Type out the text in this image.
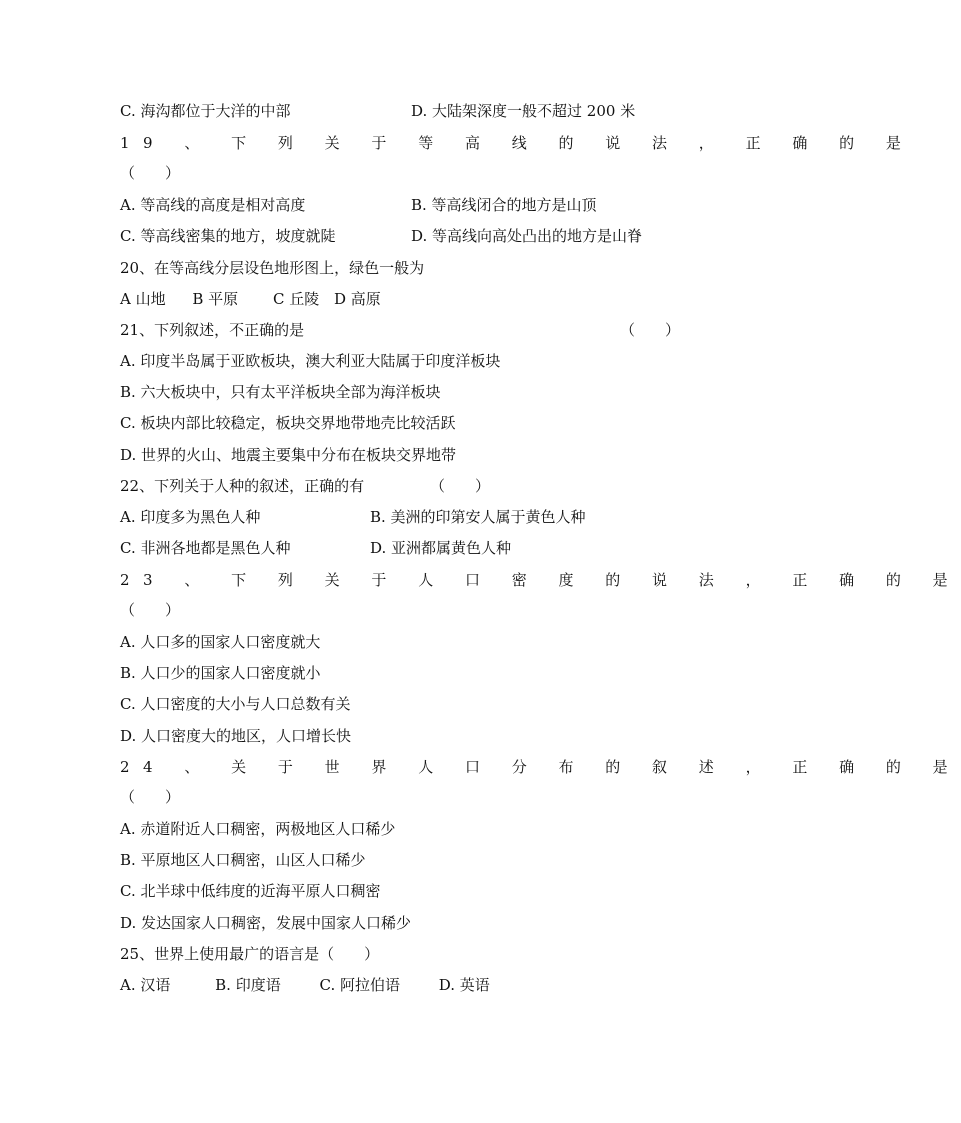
C. 海沟都位于大洋的中部	D. 大陆架深度一般不超过 200 米
19 、 下 列 关 于 等 高 线 的 说 法 ， 正 确 的 是
（　　）
A. 等高线的高度是相对高度	B. 等高线闭合的地方是山顶
C. 等高线密集的地方，坡度就陡	D. 等高线向高处凸出的地方是山脊
20、在等高线分层设色地形图上，绿色一般为
A 山地 B 平原 C 丘陵 D 高原
21、下列叙述，不正确的是	（　　）
A. 印度半岛属于亚欧板块，澳大利亚大陆属于印度洋板块
B. 六大板块中，只有太平洋板块全部为海洋板块
C. 板块内部比较稳定，板块交界地带地壳比较活跃
D. 世界的火山、地震主要集中分布在板块交界地带
22、下列关于人种的叙述，正确的有	（　　）
A. 印度多为黑色人种	B. 美洲的印第安人属于黄色人种
C. 非洲各地都是黑色人种	D. 亚洲都属黄色人种
23 、 下 列 关 于 人 口 密 度 的 说 法 ， 正 确 的 是
（　　）
A. 人口多的国家人口密度就大
B. 人口少的国家人口密度就小
C. 人口密度的大小与人口总数有关
D. 人口密度大的地区，人口增长快
24 、 关 于 世 界 人 口 分 布 的 叙 述 ， 正 确 的 是
（　　）
A. 赤道附近人口稠密，两极地区人口稀少
B. 平原地区人口稠密，山区人口稀少
C. 北半球中低纬度的近海平原人口稠密
D. 发达国家人口稠密，发展中国家人口稀少
25、世界上使用最广的语言是（　　）
A. 汉语	B. 印度语	C. 阿拉伯语	D. 英语
